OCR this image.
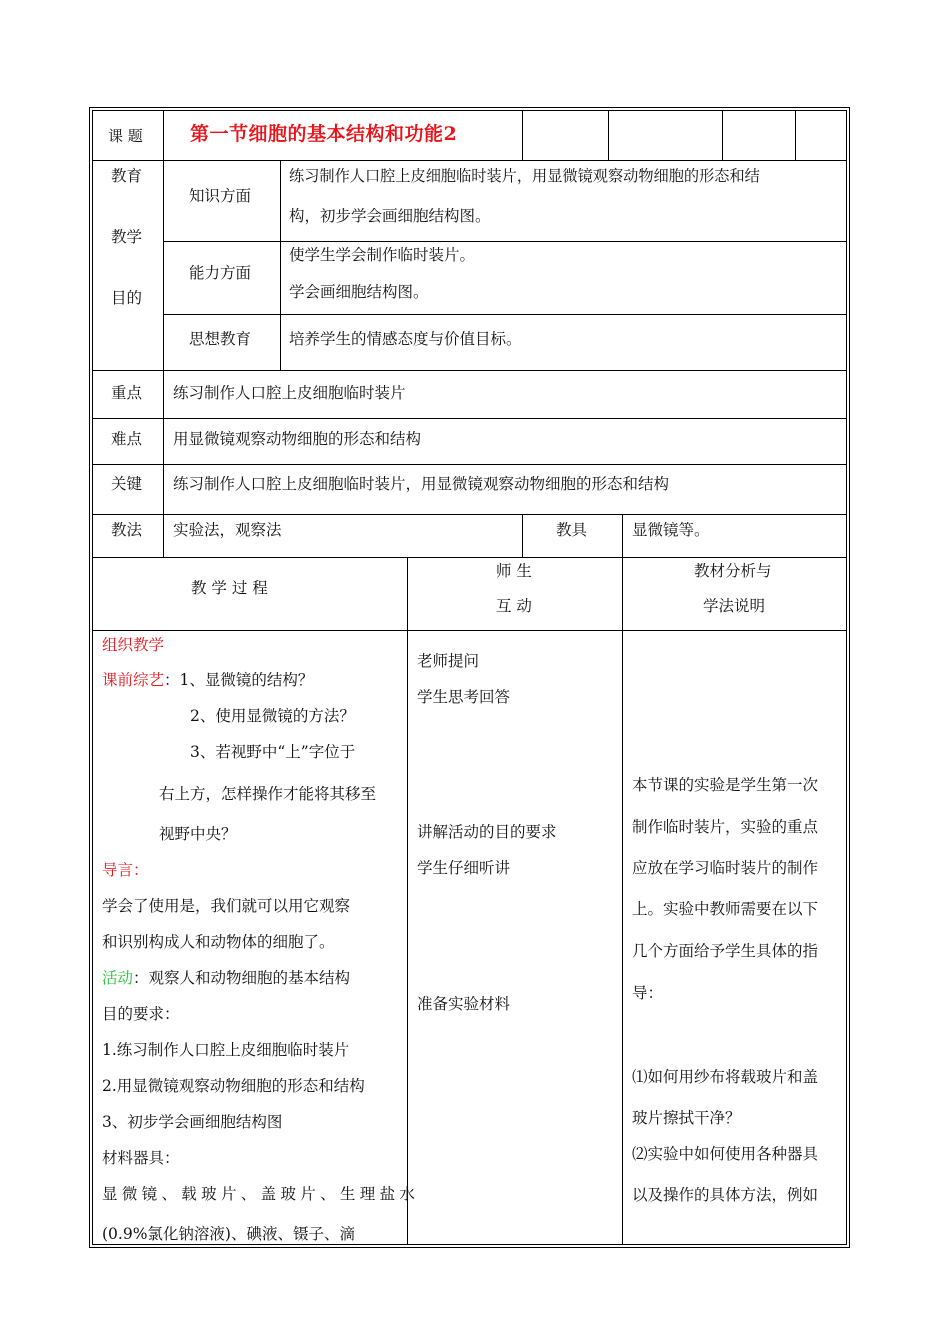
课 题 第一节细胞的基本结构和功能2
教育
教学
目的
知识方面
练习制作人口腔上皮细胞临时装片，用显微镜观察动物细胞的形态和结
构，初步学会画细胞结构图。
能力方面
使学生学会制作临时装片。
学会画细胞结构图。
思想教育 培养学生的情感态度与价值目标。
重点 练习制作人口腔上皮细胞临时装片
难点 用显微镜观察动物细胞的形态和结构
关键 练习制作人口腔上皮细胞临时装片，用显微镜观察动物细胞的形态和结构
教法 实验法，观察法	教具	显微镜等。
教 学 过 程
师 生
互 动
教材分析与
学法说明
组织教学
课前综艺：1、显微镜的结构？
2、使用显微镜的方法？
3、若视野中“上”字位于
右上方，怎样操作才能将其移至
视野中央？
导言：
学会了使用是，我们就可以用它观察
和识别构成人和动物体的细胞了。
活动：观察人和动物细胞的基本结构
目的要求：
1.练习制作人口腔上皮细胞临时装片
2.用显微镜观察动物细胞的形态和结构
3、初步学会画细胞结构图
材料器具：
显 微 镜 、 载 玻 片 、 盖 玻 片 、 生 理 盐 水
(0.9%氯化钠溶液)、碘液、镊子、滴
老师提问
学生思考回答
讲解活动的目的要求
学生仔细听讲
准备实验材料
本节课的实验是学生第一次
制作临时装片，实验的重点
应放在学习临时装片的制作
上。实验中教师需要在以下
几个方面给予学生具体的指
导：
⑴如何用纱布将载玻片和盖
玻片擦拭干净？
⑵实验中如何使用各种器具
以及操作的具体方法，例如
